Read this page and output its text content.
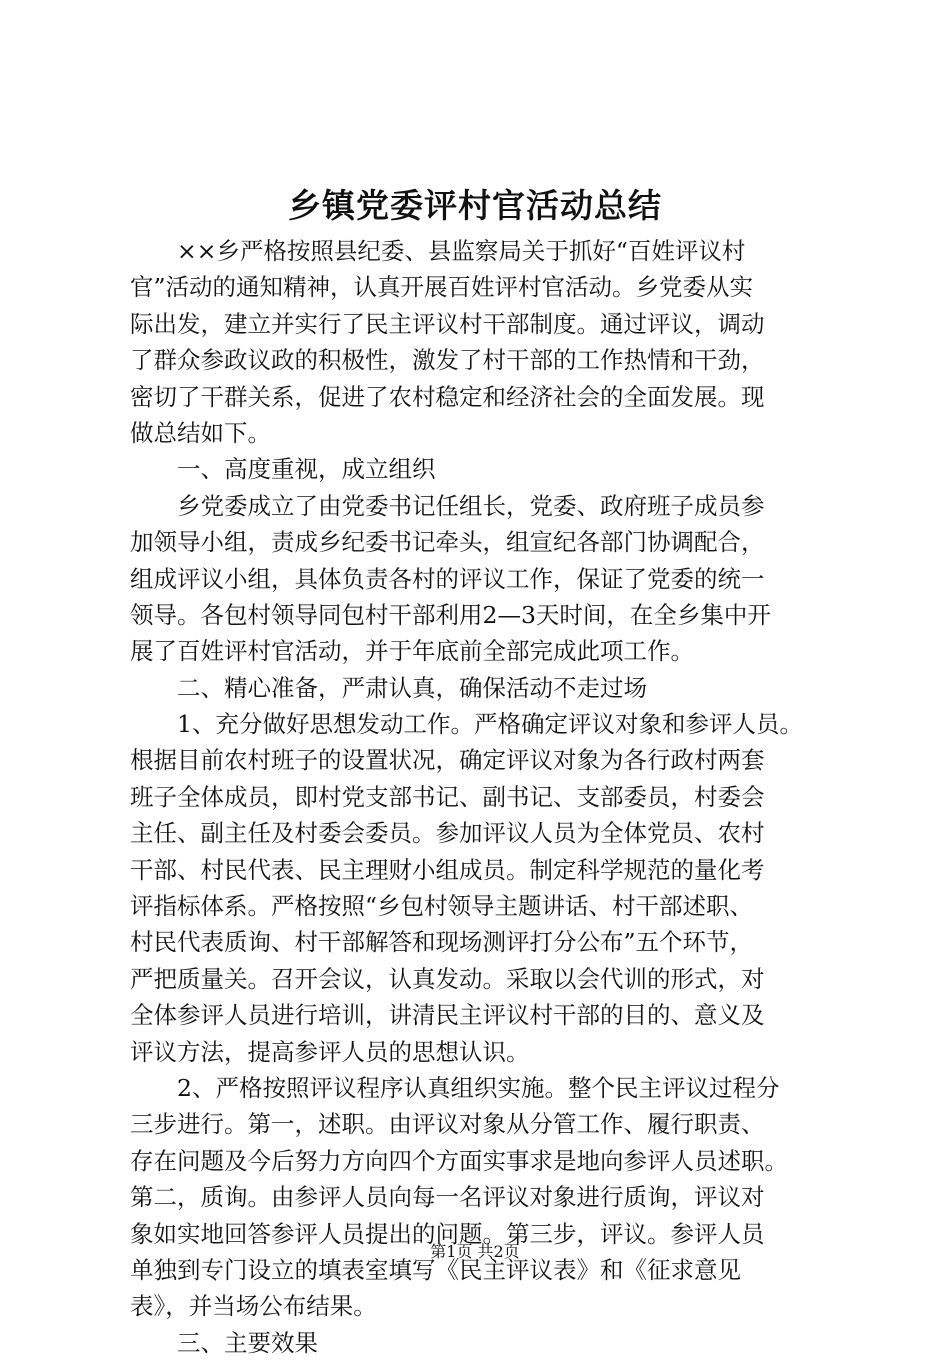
乡镇党委评村官活动总结
××乡严格按照县纪委、县监察局关于抓好“百姓评议村
官”活动的通知精神，认真开展百姓评村官活动。乡党委从实
际出发，建立并实行了民主评议村干部制度。通过评议，调动
了群众参政议政的积极性，激发了村干部的工作热情和干劲，
密切了干群关系，促进了农村稳定和经济社会的全面发展。现
做总结如下。
一、高度重视，成立组织
乡党委成立了由党委书记任组长，党委、政府班子成员参
加领导小组，责成乡纪委书记牵头，组宣纪各部门协调配合，
组成评议小组，具体负责各村的评议工作，保证了党委的统一
领导。各包村领导同包村干部利用2—3天时间，在全乡集中开
展了百姓评村官活动，并于年底前全部完成此项工作。
二、精心准备，严肃认真，确保活动不走过场
1、充分做好思想发动工作。严格确定评议对象和参评人员。
根据目前农村班子的设置状况，确定评议对象为各行政村两套
班子全体成员，即村党支部书记、副书记、支部委员，村委会
主任、副主任及村委会委员。参加评议人员为全体党员、农村
干部、村民代表、民主理财小组成员。制定科学规范的量化考
评指标体系。严格按照“乡包村领导主题讲话、村干部述职、
村民代表质询、村干部解答和现场测评打分公布”五个环节，
严把质量关。召开会议，认真发动。采取以会代训的形式，对
全体参评人员进行培训，讲清民主评议村干部的目的、意义及
评议方法，提高参评人员的思想认识。
2、严格按照评议程序认真组织实施。整个民主评议过程分
三步进行。第一，述职。由评议对象从分管工作、履行职责、
存在问题及今后努力方向四个方面实事求是地向参评人员述职。
第二，质询。由参评人员向每一名评议对象进行质询，评议对
象如实地回答参评人员提出的问题。第三步，评议。参评人员
单独到专门设立的填表室填写《民主评议表》和《征求意见
表》，并当场公布结果。
三、主要效果
第1页 共2页
